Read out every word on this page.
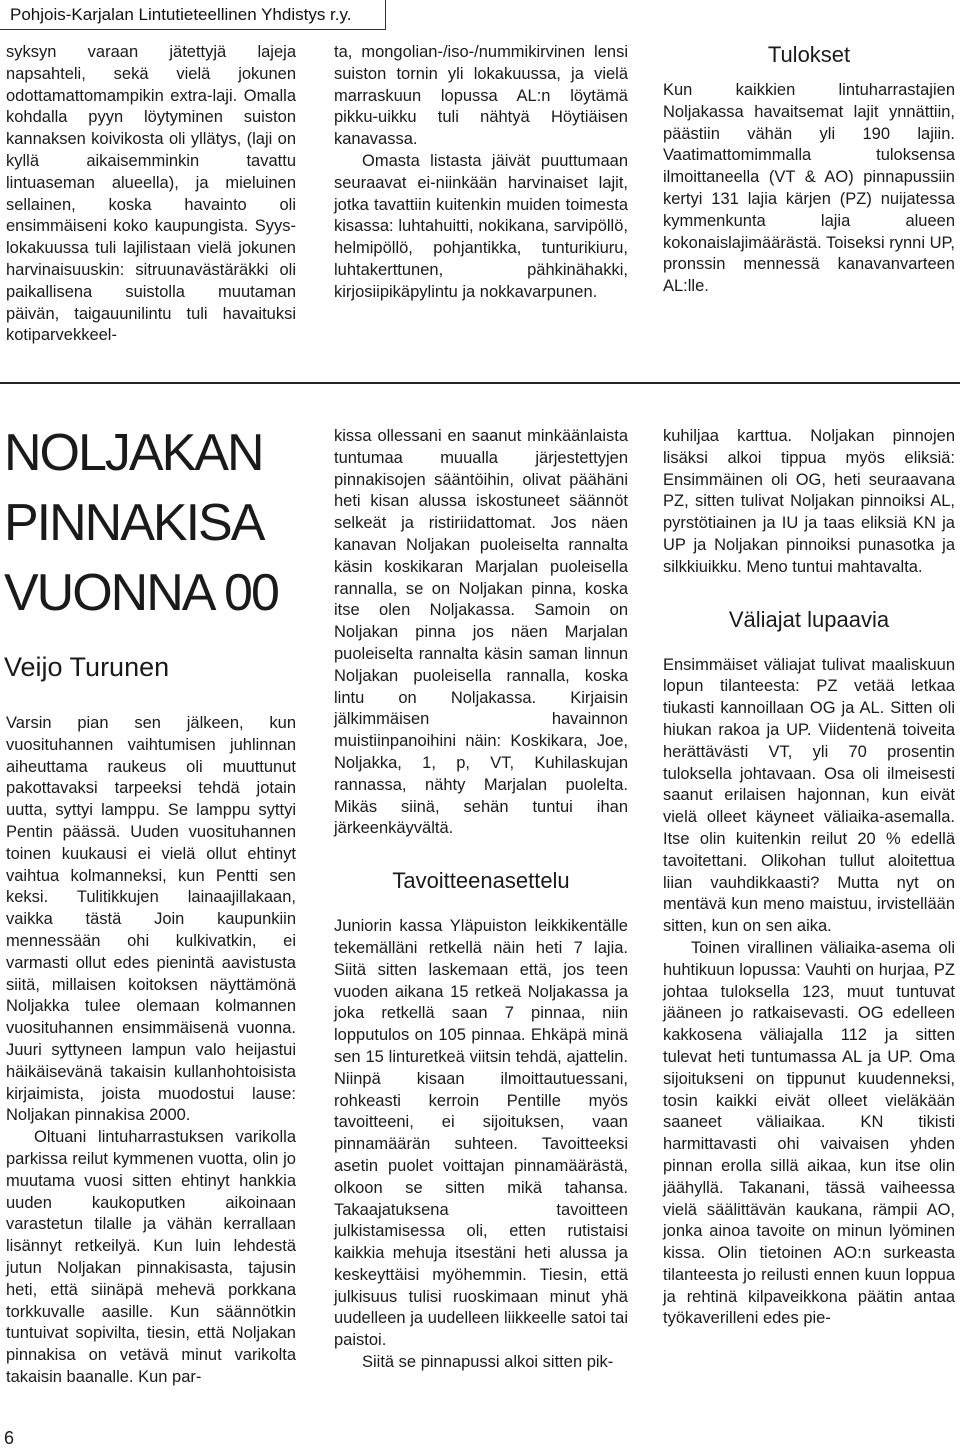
Pohjois-Karjalan Lintutieteellinen Yhdistys r.y.

syksyn varaan jätettyjä lajeja napsahteli, sekä vielä jokunen odottamattomampikin extra-laji. Omalla kohdalla pyyn löytyminen suiston kannaksen koivikosta oli yllätys, (laji on kyllä aikaisemminkin tavattu lintuaseman alueella), ja mieluinen sellainen, koska havainto oli ensimmäiseni koko kaupungista. Syys-lokakuussa tuli lajilistaan vielä jokunen harvinaisuuskin: sitruunavästäräkki oli paikallisena suistolla muutaman päivän, taigauunilintu tuli havaituksi kotiparvekkeel-

ta, mongolian-/iso-/nummikirvinen lensi suiston tornin yli lokakuussa, ja vielä marraskuun lopussa AL:n löytämä pikku-uikku tuli nähtyä Höytiäisen kanavassa.

Omasta listasta jäivät puuttumaan seuraavat ei-niinkään harvinaiset lajit, jotka tavattiin kuitenkin muiden toimesta kisassa: luhtahuitti, nokikana, sarvipöllö, helmipöllö, pohjantikka, tunturikiuru, luhtakerttunen, pähkinähakki, kirjosiipikäpylintu ja nokkavarpunen.

Tulokset

Kun kaikkien lintuharrastajien Noljakassa havaitsemat lajit ynnättiin, päästiin vähän yli 190 lajiin. Vaatimattomimmalla tuloksensa ilmoittaneella (VT & AO) pinnapussiin kertyi 131 lajia kärjen (PZ) nuijatessa kymmenkunta lajia alueen kokonaislajimäärästä. Toiseksi rynni UP, pronssin mennessä kanavanvarteen AL:lle.

NOLJAKAN
PINNAKISA
VUONNA 00
Veijo Turunen

Varsin pian sen jälkeen, kun vuosituhannen vaihtumisen juhlinnan aiheuttama raukeus oli muuttunut pakottavaksi tarpeeksi tehdä jotain uutta, syttyi lamppu. Se lamppu syttyi Pentin päässä. Uuden vuosituhannen toinen kuukausi ei vielä ollut ehtinyt vaihtua kolmanneksi, kun Pentti sen keksi. Tulitikkujen lainaajillakaan, vaikka tästä Join kaupunkiin mennessään ohi kulkivatkin, ei varmasti ollut edes pienintä aavistusta siitä, millaisen koitoksen näyttämönä Noljakka tulee olemaan kolmannen vuosituhannen ensimmäisenä vuonna. Juuri syttyneen lampun valo heijastui häikäisevänä takaisin kullanhohtoisista kirjaimista, joista muodostui lause: Noljakan pinnakisa 2000.

Oltuani lintuharrastuksen varikolla parkissa reilut kymmenen vuotta, olin jo muutama vuosi sitten ehtinyt hankkia uuden kaukoputken aikoinaan varastetun tilalle ja vähän kerrallaan lisännyt retkeilyä. Kun luin lehdestä jutun Noljakan pinnakisasta, tajusin heti, että siinäpä mehevä porkkana torkkuvalle aasille. Kun säännötkin tuntuivat sopivilta, tiesin, että Noljakan pinnakisa on vetävä minut varikolta takaisin baanalle. Kun par-

kissa ollessani en saanut minkäänlaista tuntumaa muualla järjestettyjen pinnakisojen sääntöihin, olivat päähäni heti kisan alussa iskostuneet säännöt selkeät ja ristiriidattomat. Jos näen kanavan Noljakan puoleiselta rannalta käsin koskikaran Marjalan puoleisella rannalla, se on Noljakan pinna, koska itse olen Noljakassa. Samoin on Noljakan pinna jos näen Marjalan puoleiselta rannalta käsin saman linnun Noljakan puoleisella rannalla, koska lintu on Noljakassa. Kirjaisin jälkimmäisen havainnon muistiinpanoihini näin: Koskikara, Joe, Noljakka, 1, p, VT, Kuhilaskujan rannassa, nähty Marjalan puolelta. Mikäs siinä, sehän tuntui ihan järkeenkäyvältä.

Tavoitteenasettelu

Juniorin kassa Yläpuiston leikkikentälle tekemälläni retkellä näin heti 7 lajia. Siitä sitten laskemaan että, jos teen vuoden aikana 15 retkeä Noljakassa ja joka retkellä saan 7 pinnaa, niin lopputulos on 105 pinnaa. Ehkäpä minä sen 15 linturetkeä viitsin tehdä, ajattelin. Niinpä kisaan ilmoittautuessani, rohkeasti kerroin Pentille myös tavoitteeni, ei sijoituksen, vaan pinnamäärän suhteen. Tavoitteeksi asetin puolet voittajan pinnamäärästä, olkoon se sitten mikä tahansa. Takaajatuksena tavoitteen julkistamisessa oli, etten rutistaisi kaikkia mehuja itsestäni heti alussa ja keskeyttäisi myöhemmin. Tiesin, että julkisuus tulisi ruoskimaan minut yhä uudelleen ja uudelleen liikkeelle satoi tai paistoi.

Siitä se pinnapussi alkoi sitten pik-

kuhiljaa karttua. Noljakan pinnojen lisäksi alkoi tippua myös eliksiä: Ensimmäinen oli OG, heti seuraavana PZ, sitten tulivat Noljakan pinnoiksi AL, pyrstötiainen ja IU ja taas eliksiä KN ja UP ja Noljakan pinnoiksi punasotka ja silkkiuikku. Meno tuntui mahtavalta.

Väliajat lupaavia

Ensimmäiset väliajat tulivat maaliskuun lopun tilanteesta: PZ vetää letkaa tiukasti kannoillaan OG ja AL. Sitten oli hiukan rakoa ja UP. Viidentenä toiveita herättävästi VT, yli 70 prosentin tuloksella johtavaan. Osa oli ilmeisesti saanut erilaisen hajonnan, kun eivät vielä olleet käyneet väliaika-asemalla. Itse olin kuitenkin reilut 20 % edellä tavoitettani. Olikohan tullut aloitettua liian vauhdikkaasti? Mutta nyt on mentävä kun meno maistuu, irvistellään sitten, kun on sen aika.

Toinen virallinen väliaika-asema oli huhtikuun lopussa: Vauhti on hurjaa, PZ johtaa tuloksella 123, muut tuntuvat jääneen jo ratkaisevasti. OG edelleen kakkosena väliajalla 112 ja sitten tulevat heti tuntumassa AL ja UP. Oma sijoitukseni on tippunut kuudenneksi, tosin kaikki eivät olleet vieläkään saaneet väliaikaa. KN tikisti harmittavasti ohi vaivaisen yhden pinnan erolla sillä aikaa, kun itse olin jäähyllä. Takanani, tässä vaiheessa vielä säälittävän kaukana, rämpii AO, jonka ainoa tavoite on minun lyöminen kissa. Olin tietoinen AO:n surkeasta tilanteesta jo reilusti ennen kuun loppua ja rehtinä kilpaveikkona päätin antaa työkaverilleni edes pie-

6
